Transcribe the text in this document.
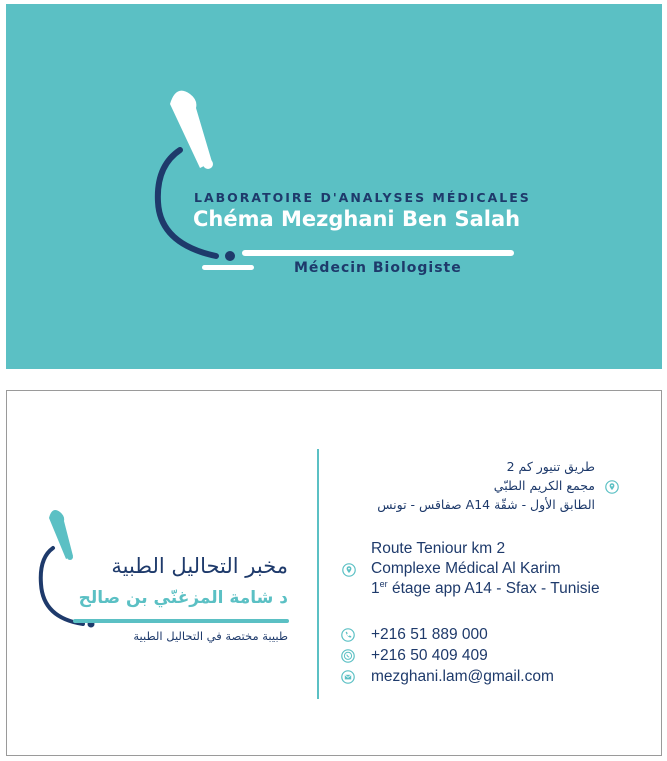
LABORATOIRE D'ANALYSES MÉDICALES
Chéma Mezghani Ben Salah
Médecin Biologiste
مخبر التحاليل الطبية
د شامة المزغنّي بن صالح
طبيبة مختصة في التحاليل الطبية
طريق تنيور كم 2
مجمع الكريم الطبّي
الطابق الأول - شقّة A14 صفاقس - تونس
Route Teniour km 2
Complexe Médical Al Karim
1er étage app A14 - Sfax - Tunisie
+216 51 889 000
+216 50 409 409
mezghani.lam@gmail.com
